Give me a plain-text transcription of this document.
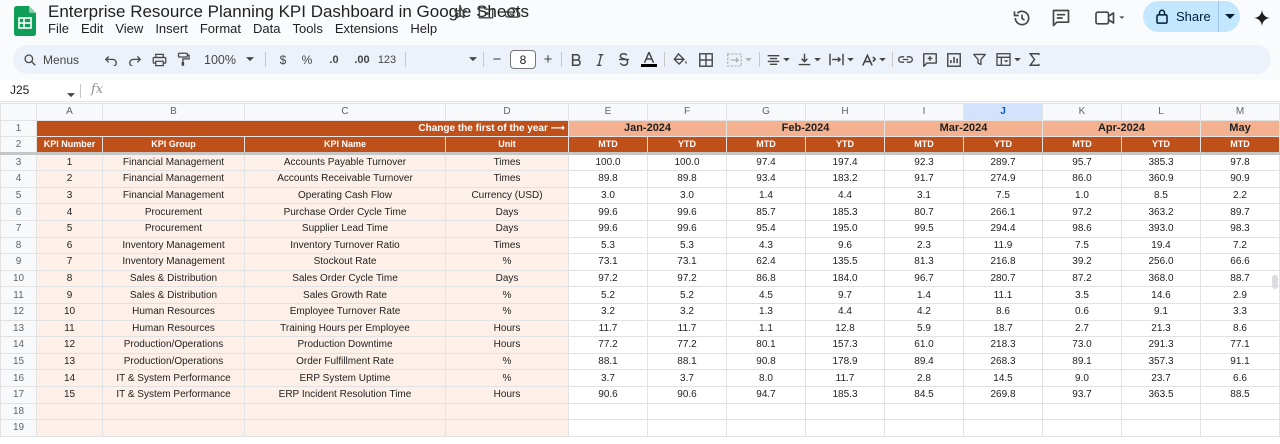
Enterprise Resource Planning KPI Dashboard in Google Sheets
File Edit View Insert Format Data Tools Extensions Help
Share
Menus	100%	$	%	.0	.00 123	−	8	+
J25	fx
	A	B	C	D	E	F	G	H	I	J	K	L	M
1	Change the first of the year ⟶				Jan-2024		Feb-2024		Mar-2024		Apr-2024		May
2	KPI Number	KPI Group	KPI Name	Unit	MTD	YTD	MTD	YTD	MTD	YTD	MTD	YTD	MTD
3	1	Financial Management	Accounts Payable Turnover	Times	100.0	100.0	97.4	197.4	92.3	289.7	95.7	385.3	97.8
4	2	Financial Management	Accounts Receivable Turnover	Times	89.8	89.8	93.4	183.2	91.7	274.9	86.0	360.9	90.9
5	3	Financial Management	Operating Cash Flow	Currency (USD)	3.0	3.0	1.4	4.4	3.1	7.5	1.0	8.5	2.2
6	4	Procurement	Purchase Order Cycle Time	Days	99.6	99.6	85.7	185.3	80.7	266.1	97.2	363.2	89.7
7	5	Procurement	Supplier Lead Time	Days	99.6	99.6	95.4	195.0	99.5	294.4	98.6	393.0	98.3
8	6	Inventory Management	Inventory Turnover Ratio	Times	5.3	5.3	4.3	9.6	2.3	11.9	7.5	19.4	7.2
9	7	Inventory Management	Stockout Rate	%	73.1	73.1	62.4	135.5	81.3	216.8	39.2	256.0	66.6
10	8	Sales & Distribution	Sales Order Cycle Time	Days	97.2	97.2	86.8	184.0	96.7	280.7	87.2	368.0	88.7
11	9	Sales & Distribution	Sales Growth Rate	%	5.2	5.2	4.5	9.7	1.4	11.1	3.5	14.6	2.9
12	10	Human Resources	Employee Turnover Rate	%	3.2	3.2	1.3	4.4	4.2	8.6	0.6	9.1	3.3
13	11	Human Resources	Training Hours per Employee	Hours	11.7	11.7	1.1	12.8	5.9	18.7	2.7	21.3	8.6
14	12	Production/Operations	Production Downtime	Hours	77.2	77.2	80.1	157.3	61.0	218.3	73.0	291.3	77.1
15	13	Production/Operations	Order Fulfillment Rate	%	88.1	88.1	90.8	178.9	89.4	268.3	89.1	357.3	91.1
16	14	IT & System Performance	ERP System Uptime	%	3.7	3.7	8.0	11.7	2.8	14.5	9.0	23.7	6.6
17	15	IT & System Performance	ERP Incident Resolution Time	Hours	90.6	90.6	94.7	185.3	84.5	269.8	93.7	363.5	88.5
18													
19													
